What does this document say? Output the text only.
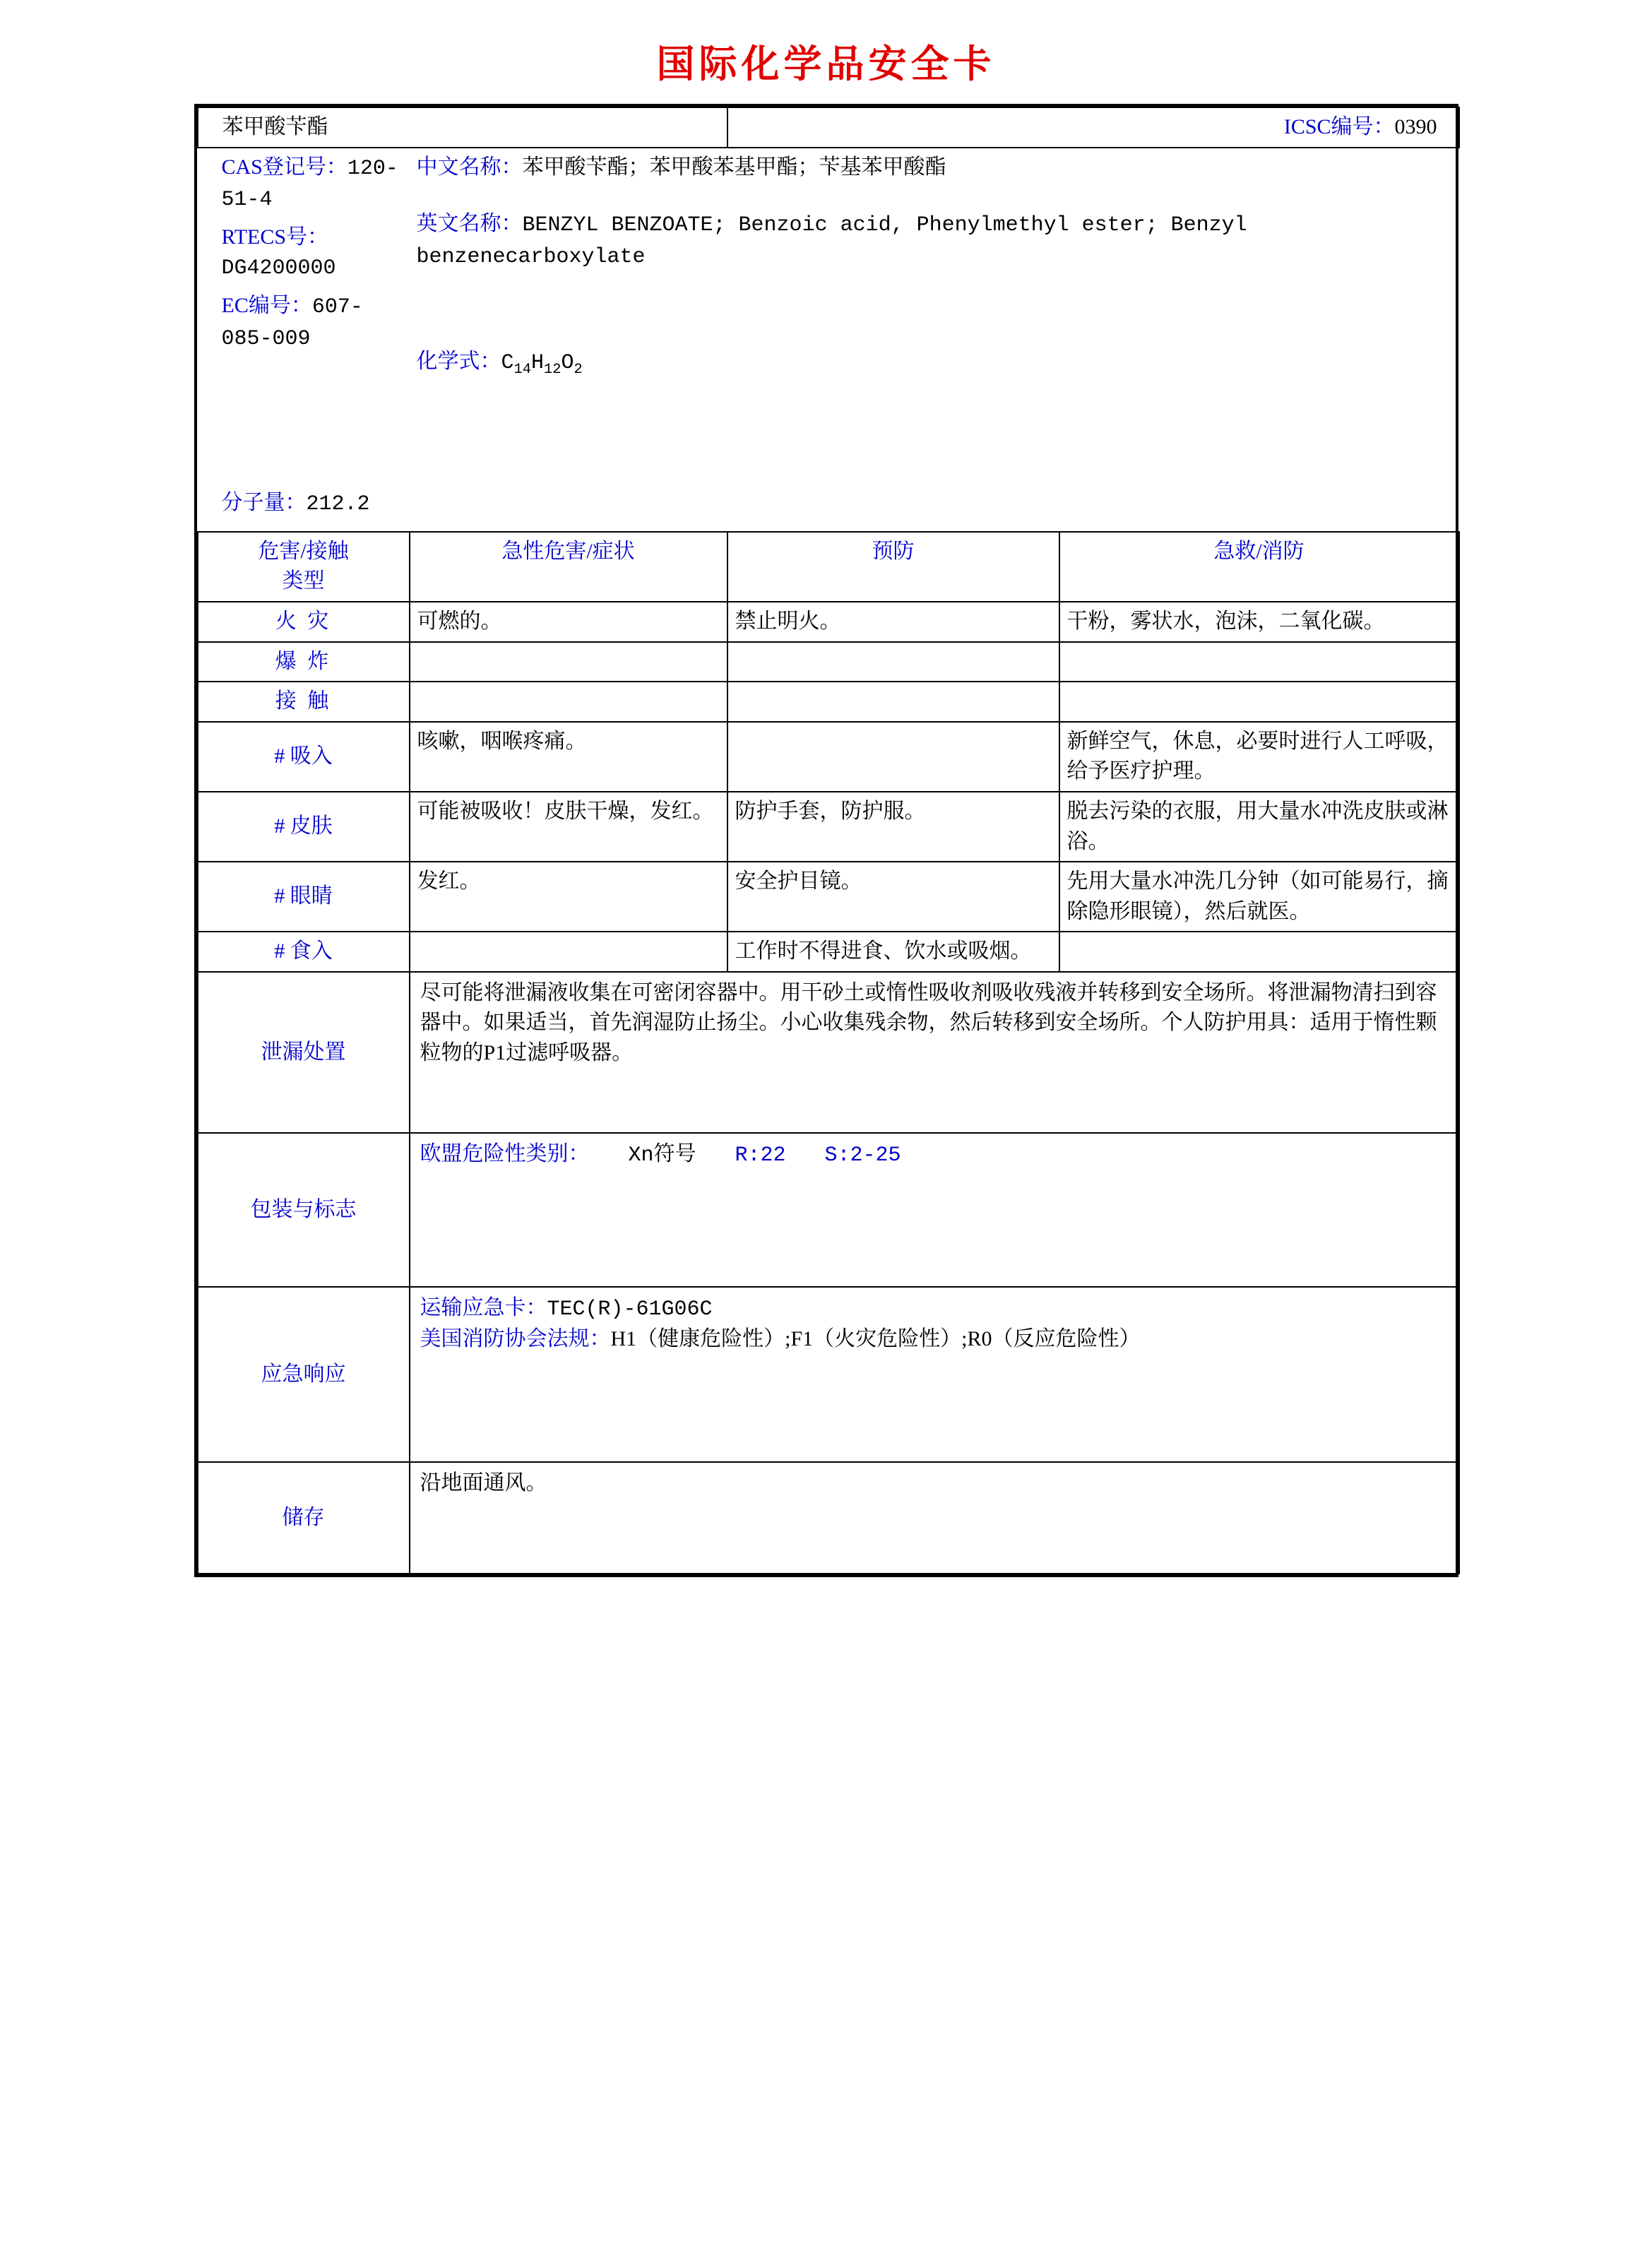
国际化学品安全卡
苯甲酸苄酯		ICSC编号：0390	

CAS登记号：120-51-4
RTECS号：DG4200000
EC编号：607-085-009
分子量：212.2

中文名称：苯甲酸苄酯；苯甲酸苯基甲酯；苄基苯甲酸酯
英文名称：BENZYL BENZOATE; Benzoic acid, Phenylmethyl ester; Benzyl benzenecarboxylate
化学式：$C_{14}H_{12}O_2$

危害/接触
类型	急性危害/症状	预防	急救/消防
火 灾	可燃的。	禁止明火。	干粉，雾状水，泡沫，二氧化碳。
爆 炸			
接 触			
# 吸入	咳嗽，咽喉疼痛。		新鲜空气，休息，必要时进行人工呼吸，给予医疗护理。
# 皮肤	可能被吸收！皮肤干燥，发红。	防护手套，防护服。	脱去污染的衣服，用大量水冲洗皮肤或淋浴。
# 眼睛	发红。	安全护目镜。	先用大量水冲洗几分钟（如可能易行，摘除隐形眼镜），然后就医。
# 食入		工作时不得进食、饮水或吸烟。	
泄漏处置	尽可能将泄漏液收集在可密闭容器中。用干砂土或惰性吸收剂吸收残液并转移到安全场所。将泄漏物清扫到容器中。如果适当，首先润湿防止扬尘。小心收集残余物，然后转移到安全场所。个人防护用具：适用于惰性颗粒物的P1过滤呼吸器。		
包装与标志	欧盟危险性类别： Xn符号 R:22 S:2-25		
应急响应	运输应急卡：TEC(R)-61G06C
美国消防协会法规：H1（健康危险性）;F1（火灾危险性）;R0（反应危险性）		

储存	沿地面通风。		
